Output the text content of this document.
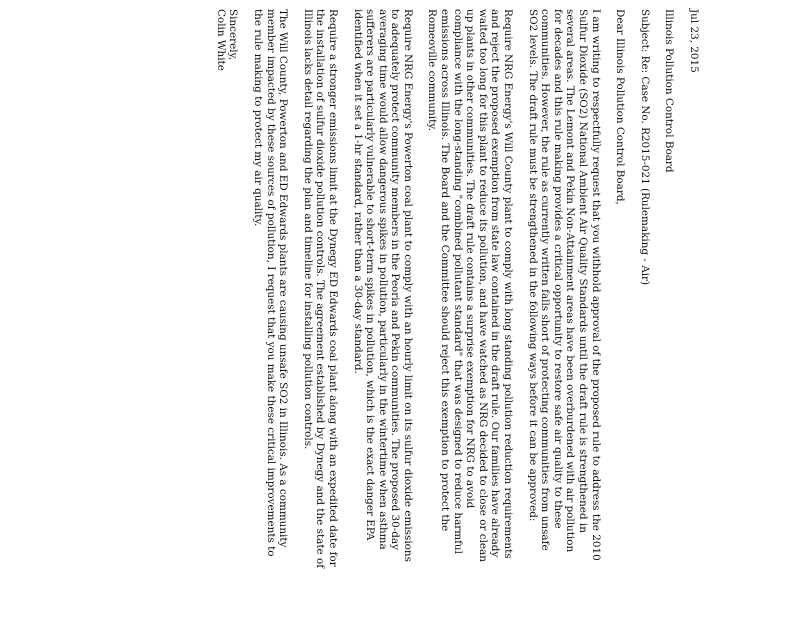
Jul 23, 2015

Illinois Pollution Control Board

Subject: Re: Case No. R2015-021 (Rulemaking - Air)

Dear Illinois Pollution Control Board,

I am writing to respectfully request that you withhold approval of the proposed rule to address the 2010 Sulfur Dioxide (SO2) National Ambient Air Quality Standards until the draft rule is strengthened in several areas. The Lemont and Pekin Non-Attainment areas have been overburdened with air pollution for decades and this rule making provides a critical opportunity to restore safe air quality to these communities. However, the rule as currently written falls short of protecting communities from unsafe SO2 levels. The draft rule must be strengthened in the following ways before it can be approved:

Require NRG Energy's Will County plant to comply with long standing pollution reduction requirements and reject the proposed exemption from state law contained in the draft rule. Our families have already waited too long for this plant to reduce its pollution, and have watched as NRG decided to close or clean up plants in other communities. The draft rule contains a surprise exemption for NRG to avoid compliance with the long-standing "combined pollutant standard" that was designed to reduce harmful emissions across Illinois. The Board and the Committee should reject this exemption to protect the Romeoville community.

Require NRG Energy's Powerton coal plant to comply with an hourly limit on its sulfur dioxide emissions to adequately protect community members in the Peoria and Pekin communities. The proposed 30-day averaging time would allow dangerous spikes in pollution, particularly in the wintertime when asthma sufferers are particularly vulnerable to short-term spikes in pollution, which is the exact danger EPA identified when it set a 1-hr standard, rather than a 30-day standard.

Require a stronger emissions limit at the Dynegy ED Edwards coal plant along with an expedited date for the installation of sulfur dioxide pollution controls. The agreement established by Dynegy and the state of Illinois lacks detail regarding the plan and timeline for installing pollution controls.

The Will County, Powerton and ED Edwards plants are causing unsafe SO2 in Illinois. As a community member impacted by these sources of pollution, I request that you make these critical improvements to the rule making to protect my air quality.

Sincerely,

Colin White
